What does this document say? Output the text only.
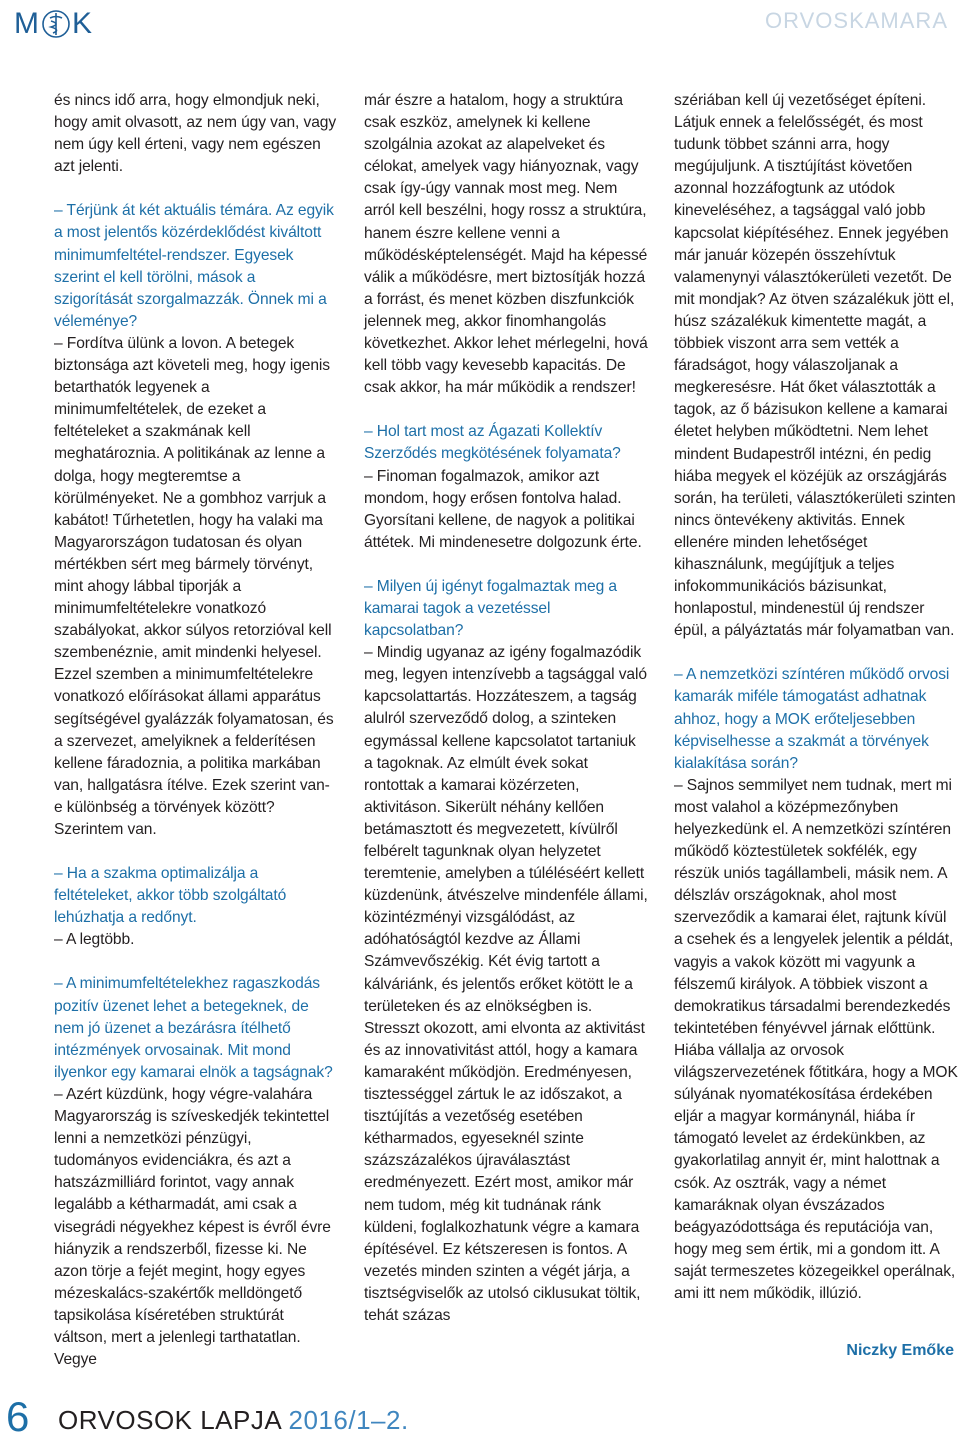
M K	ORVOSKAMARA

és nincs idő arra, hogy elmondjuk neki, hogy amit olvasott, az nem úgy van, vagy nem úgy kell érteni, vagy nem egészen azt jelenti.

– Térjünk át két aktuális témára. Az egyik a most jelentős közérdeklődést kiváltott minimumfeltétel-rendszer. Egyesek szerint el kell törölni, mások a szigorítását szorgalmazzák. Önnek mi a véleménye?

– Fordítva ülünk a lovon. A betegek biztonsága azt követeli meg, hogy igenis betarthatók legyenek a minimumfeltételek, de ezeket a feltételeket a szakmának kell meghatároznia. A politikának az lenne a dolga, hogy megteremtse a körülményeket. Ne a gombhoz varrjuk a kabátot! Tűrhetetlen, hogy ha valaki ma Magyarországon tudatosan és olyan mértékben sért meg bármely törvényt, mint ahogy lábbal tiporják a minimumfeltételekre vonatkozó szabályokat, akkor súlyos retorzióval kell szembenéznie, amit mindenki helyesel. Ezzel szemben a minimumfeltételekre vonatkozó előírásokat állami apparátus segítségével gyalázzák folyamatosan, és a szervezet, amelyiknek a felderítésen kellene fáradoznia, a politika markában van, hallgatásra ítélve. Ezek szerint van-e különbség a törvények között? Szerintem van.

– Ha a szakma optimalizálja a feltételeket, akkor több szolgáltató lehúzhatja a redőnyt.

– A legtöbb.

– A minimumfeltételekhez ragaszkodás pozitív üzenet lehet a betegeknek, de nem jó üzenet a bezárásra ítélhető intézmények orvosainak. Mit mond ilyenkor egy kamarai elnök a tagságnak?

– Azért küzdünk, hogy végre-valahára Magyarország is szíveskedjék tekintettel lenni a nemzetközi pénzügyi, tudományos evidenciákra, és azt a hatszázmilliárd forintot, vagy annak legalább a kétharmadát, ami csak a visegrádi négyekhez képest is évről évre hiányzik a rendszerből, fizesse ki. Ne azon törje a fejét megint, hogy egyes mézeskalács-szakértők melldöngető tapsikolása kíséretében struktúrát váltson, mert a jelenlegi tarthatatlan. Vegye

már észre a hatalom, hogy a struktúra csak eszköz, amelynek ki kellene szolgálnia azokat az alapelveket és célokat, amelyek vagy hiányoznak, vagy csak így-úgy vannak most meg. Nem arról kell beszélni, hogy rossz a struktúra, hanem észre kellene venni a működésképtelenségét. Majd ha képessé válik a működésre, mert biztosítják hozzá a forrást, és menet közben diszfunkciók jelennek meg, akkor finomhangolás következhet. Akkor lehet mérlegelni, hová kell több vagy kevesebb kapacitás. De csak akkor, ha már működik a rendszer!

– Hol tart most az Ágazati Kollektív Szerződés megkötésének folyamata?

– Finoman fogalmazok, amikor azt mondom, hogy erősen fontolva halad. Gyorsítani kellene, de nagyok a politikai áttétek. Mi mindenesetre dolgozunk érte.

– Milyen új igényt fogalmaztak meg a kamarai tagok a vezetéssel kapcsolatban?

– Mindig ugyanaz az igény fogalmazódik meg, legyen intenzívebb a tagsággal való kapcsolattartás. Hozzáteszem, a tagság alulról szerveződő dolog, a szinteken egymással kellene kapcsolatot tartaniuk a tagoknak. Az elmúlt évek sokat rontottak a kamarai közérzeten, aktivitáson. Sikerült néhány kellően betámasztott és megvezetett, kívülről felbérelt tagunknak olyan helyzetet teremtenie, amelyben a túléléséért kellett küzdenünk, átvészelve mindenféle állami, közintézményi vizsgálódást, az adóhatóságtól kezdve az Állami Számvevőszékig. Két évig tartott a kálváriánk, és jelentős erőket kötött le a területeken és az elnökségben is. Stresszt okozott, ami elvonta az aktivitást és az innovativitást attól, hogy a kamara kamaraként működjön. Eredményesen, tisztességgel zártuk le az időszakot, a tisztújítás a vezetőség esetében kétharmados, egyeseknél szinte százszázalékos újraválasztást eredményezett. Ezért most, amikor már nem tudom, még kit tudnának ránk küldeni, foglalkozhatunk végre a kamara építésével. Ez kétszeresen is fontos. A vezetés minden szinten a végét járja, a tisztségviselők az utolsó ciklusukat töltik, tehát százas

szériában kell új vezetőséget építeni. Látjuk ennek a felelősségét, és most tudunk többet szánni arra, hogy megújuljunk. A tisztújítást követően azonnal hozzáfogtunk az utódok kineveléséhez, a tagsággal való jobb kapcsolat kiépítéséhez. Ennek jegyében már január közepén összehívtuk valamenynyi választókerületi vezetőt. De mit mondjak? Az ötven százalékuk jött el, húsz százalékuk kimentette magát, a többiek viszont arra sem vették a fáradságot, hogy válaszoljanak a megkeresésre. Hát őket választották a tagok, az ő bázisukon kellene a kamarai életet helyben működtetni. Nem lehet mindent Budapestről intézni, én pedig hiába megyek el közéjük az országjárás során, ha területi, választókerületi szinten nincs öntevékeny aktivitás. Ennek ellenére minden lehetőséget kihasználunk, megújítjuk a teljes infokommunikációs bázisunkat, honlapostul, mindenestül új rendszer épül, a pályáztatás már folyamatban van.

– A nemzetközi színtéren működő orvosi kamarák miféle támogatást adhatnak ahhoz, hogy a MOK erőteljesebben képviselhesse a szakmát a törvények kialakítása során?

– Sajnos semmilyet nem tudnak, mert mi most valahol a középmezőnyben helyezkedünk el. A nemzetközi színtéren működő köztestületek sokfélék, egy részük uniós tagállambeli, másik nem. A délszláv országoknak, ahol most szerveződik a kamarai élet, rajtunk kívül a csehek és a lengyelek jelentik a példát, vagyis a vakok között mi vagyunk a félszemű királyok. A többiek viszont a demokratikus társadalmi berendezkedés tekintetében fényévvel járnak előttünk. Hiába vállalja az orvosok világszervezetének főtitkára, hogy a MOK súlyának nyomatékosítása érdekében eljár a magyar kormánynál, hiába ír támogató levelet az érdekünkben, az gyakorlatilag annyit ér, mint halottnak a csók. Az osztrák, vagy a német kamaráknak olyan évszázados beágyazódottsága és reputációja van, hogy meg sem értik, mi a gondom itt. A saját termeszetes közegeikkel operálnak, ami itt nem működik, illúzió.

Niczky Emőke
6 ORVOSOK LAPJA 2016/1–2.
